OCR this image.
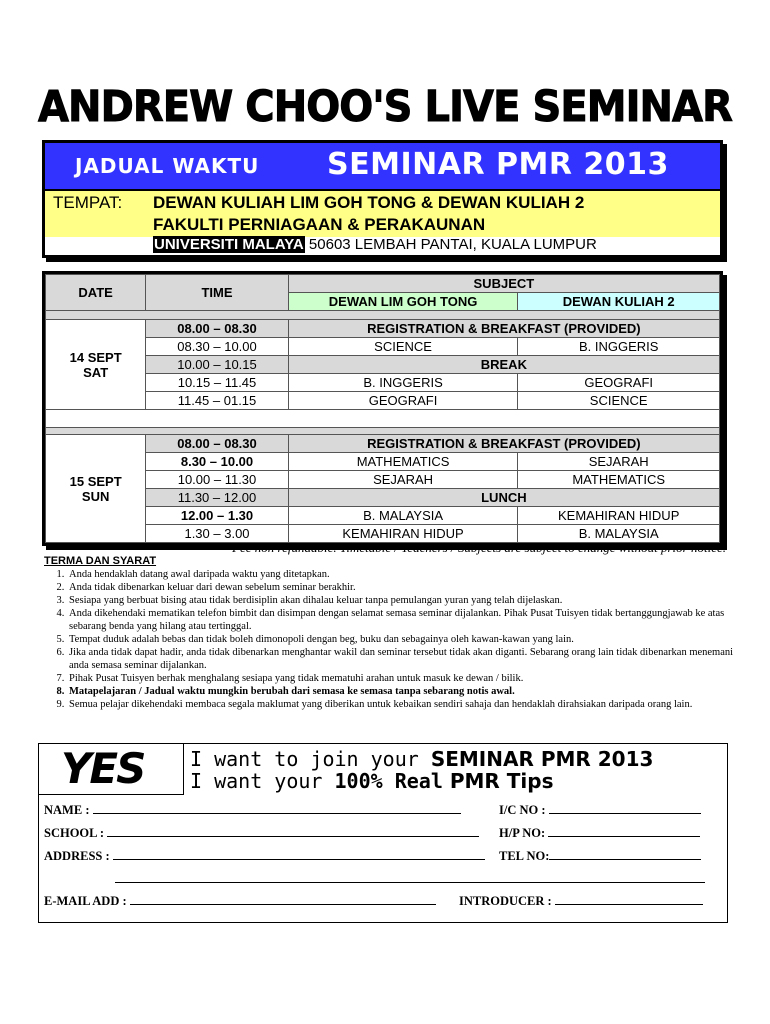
ANDREW CHOO'S LIVE SEMINAR
JADUAL WAKTU SEMINAR PMR 2013
TEMPAT: DEWAN KULIAH LIM GOH TONG & DEWAN KULIAH 2
FAKULTI PERNIAGAAN & PERAKAUNAN
UNIVERSITI MALAYA 50603 LEMBAH PANTAI, KUALA LUMPUR
DATE	TIME	SUBJECT	
		DEWAN LIM GOH TONG	DEWAN KULIAH 2

14 SEPT
SAT	08.00 – 08.30	REGISTRATION & BREAKFAST (PROVIDED)	
	08.30 – 10.00	SCIENCE	B. INGGERIS
	10.00 – 10.15	BREAK	
	10.15 – 11.45	B. INGGERIS	GEOGRAFI
	11.45 – 01.15	GEOGRAFI	SCIENCE

15 SEPT
SUN	08.00 – 08.30	REGISTRATION & BREAKFAST (PROVIDED)	
	8.30 – 10.00	MATHEMATICS	SEJARAH
	10.00 – 11.30	SEJARAH	MATHEMATICS
	11.30 – 12.00	LUNCH	
	12.00 – 1.30	B. MALAYSIA	KEMAHIRAN HIDUP
	1.30 – 3.00	KEMAHIRAN HIDUP	B. MALAYSIA
*Fee non refundable. Timetable / Teachers / Subjects are subject to change without prior notice.
TERMA DAN SYARAT
1. Anda hendaklah datang awal daripada waktu yang ditetapkan.
2. Anda tidak dibenarkan keluar dari dewan sebelum seminar berakhir.
3. Sesiapa yang berbuat bising atau tidak berdisiplin akan dihalau keluar tanpa pemulangan yuran yang telah dijelaskan.
4. Anda dikehendaki mematikan telefon bimbit dan disimpan dengan selamat semasa seminar dijalankan. Pihak Pusat Tuisyen tidak bertanggungjawab ke atas sebarang benda yang hilang atau tertinggal.
5. Tempat duduk adalah bebas dan tidak boleh dimonopoli dengan beg, buku dan sebagainya oleh kawan-kawan yang lain.
6. Jika anda tidak dapat hadir, anda tidak dibenarkan menghantar wakil dan seminar tersebut tidak akan diganti. Sebarang orang lain tidak dibenarkan menemani anda semasa seminar dijalankan.
7. Pihak Pusat Tuisyen berhak menghalang sesiapa yang tidak mematuhi arahan untuk masuk ke dewan / bilik.
8. Matapelajaran / Jadual waktu mungkin berubah dari semasa ke semasa tanpa sebarang notis awal.
9. Semua pelajar dikehendaki membaca segala maklumat yang diberikan untuk kebaikan sendiri sahaja dan hendaklah dirahsiakan daripada orang lain.
YES I want to join your SEMINAR PMR 2013
I want your 100% Real PMR Tips
NAME :	I/C NO :
SCHOOL :	H/P NO:
ADDRESS :	TEL NO:
E-MAIL ADD :	INTRODUCER :
